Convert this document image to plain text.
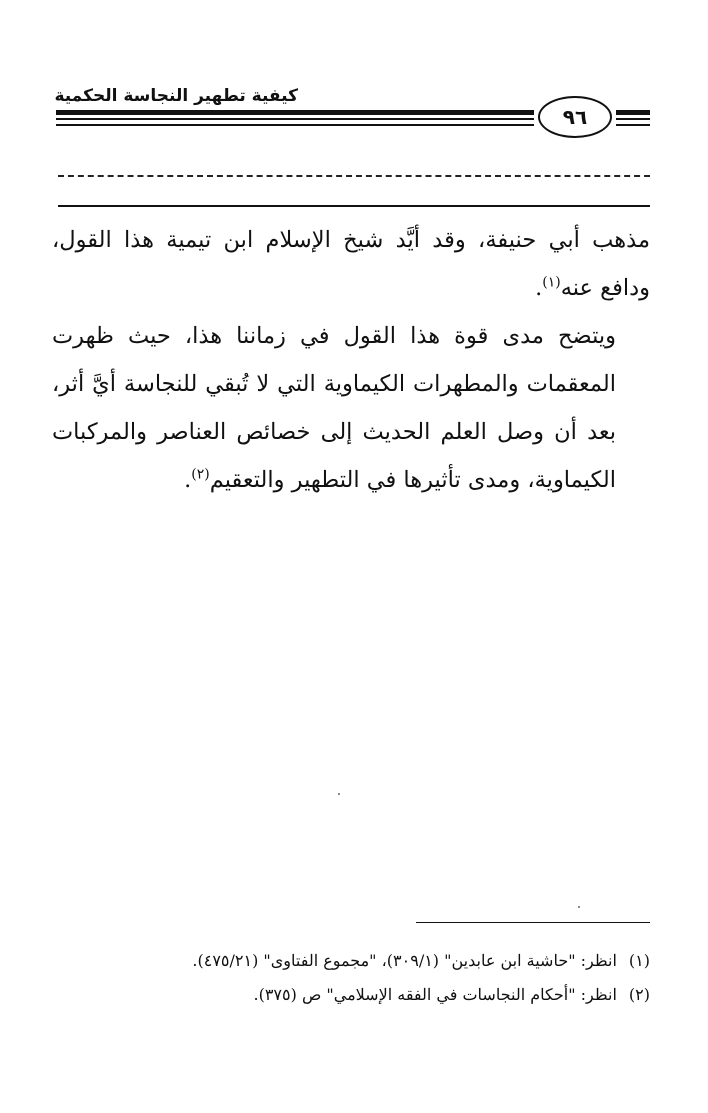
كيفية تطهير النجاسة الحكمية
٩٦

مذهب أبي حنيفة، وقد أيَّد شيخ الإسلام ابن تيمية هذا القول، ودافع عنه$^{(١)}$.

ويتضح مدى قوة هذا القول في زماننا هذا، حيث ظهرت المعقمات والمطهرات الكيماوية التي لا تُبقي للنجاسة أيَّ أثر، بعد أن وصل العلم الحديث إلى خصائص العناصر والمركبات الكيماوية، ومدى تأثيرها في التطهير والتعقيم$^{(٢)}$.

(١)انظر: "حاشية ابن عابدين" (٣٠٩/١)، "مجموع الفتاوى" (٤٧٥/٢١).

(٢)انظر: "أحكام النجاسات في الفقه الإسلامي" ص (٣٧٥).
